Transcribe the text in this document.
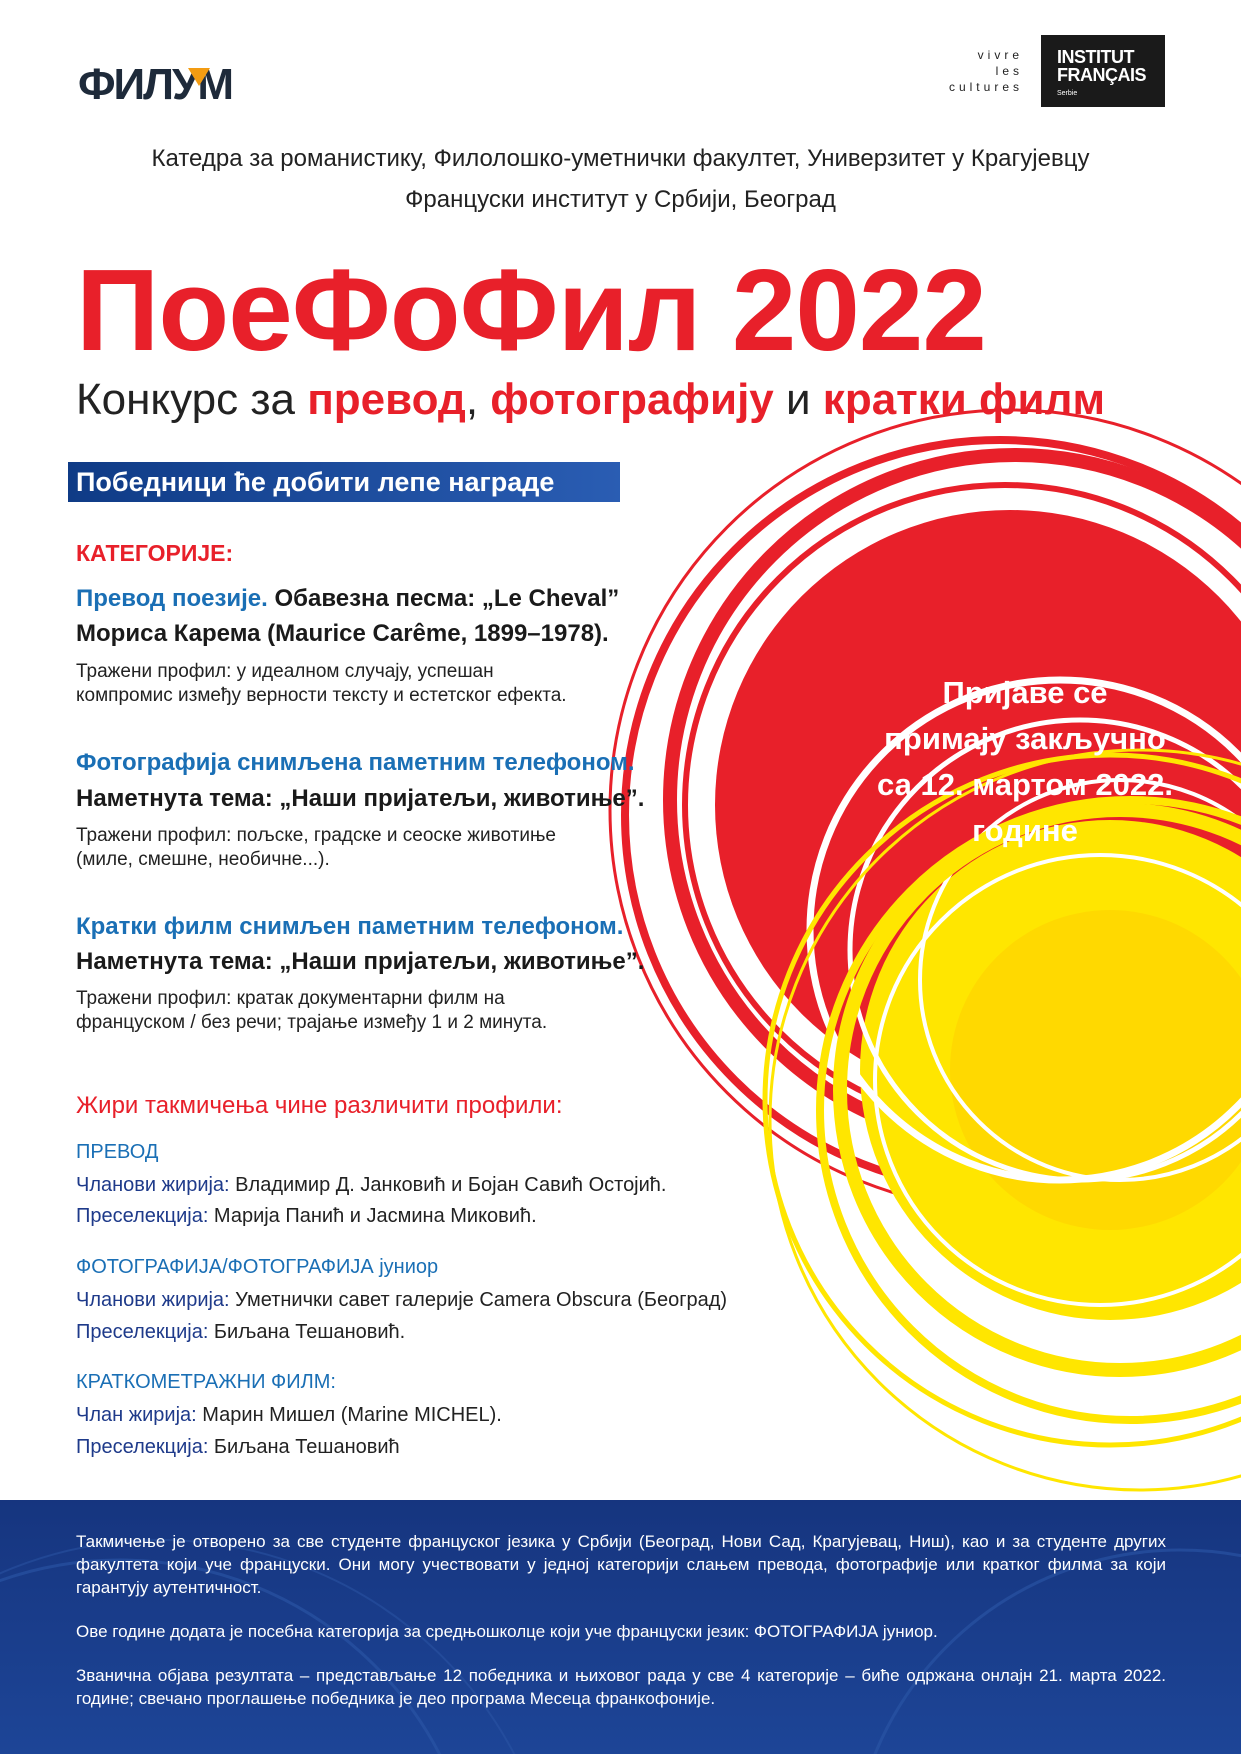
ФИЛУМ
vivre
les
cultures
INSTITUT
FRANÇAIS
Serbie
Катедра за романистику, Филолошко-уметнички факултет, Универзитет у Крагујевцу
Француски институт у Србији, Београд
ПоеФоФил 2022
Конкурс за превод, фотографију и кратки филм
Победници ће добити лепе награде
КАТЕГОРИЈЕ:
Превод поезије. Обавезна песма: „Le Cheval”
Мориса Карема (Maurice Carême, 1899–1978).
Тражени профил: у идеалном случају, успешан
компромис између верности тексту и естетског ефекта.
Фотографија снимљена паметним телефоном.
Наметнута тема: „Наши пријатељи, животиње”.
Тражени профил: пољске, градске и сеоске животиње
(миле, смешне, необичне...).
Кратки филм снимљен паметним телефоном.
Наметнута тема: „Наши пријатељи, животиње”.
Тражени профил: кратак документарни филм на
француском / без речи; трајање између 1 и 2 минута.
Пријаве се
примају закључно
са 12. мартом 2022.
године
Жири такмичења чине различити профили:
ПРЕВОД
Чланови жирија: Владимир Д. Јанковић и Бојан Савић Остојић.
Преселекција: Марија Панић и Јасмина Миковић.
ФОТОГРАФИЈА/ФОТОГРАФИЈА јуниор
Чланови жирија: Уметнички савет галерије Camera Obscura (Београд)
Преселекција: Биљана Тешановић.
КРАТКОМЕТРАЖНИ ФИЛМ:
Члан жирија: Марин Мишел (Marine MICHEL).
Преселекција: Биљана Тешановић
Такмичење је отворено за све студенте француског језика у Србији (Београд, Нови Сад, Крагујевац, Ниш), као и за студенте других факултета који уче француски. Они могу учествовати у једној категорији слањем превода, фотографије или кратког филма за који гарантују аутентичност.
Ове године додата је посебна категорија за средњошколце који уче француски језик: ФОТОГРАФИЈА јуниор.
Званична објава резултата – представљање 12 победника и њиховог рада у све 4 категорије – биће одржана онлајн 21. марта 2022. године; свечано проглашење победника је део програма Месеца франкофоније.
